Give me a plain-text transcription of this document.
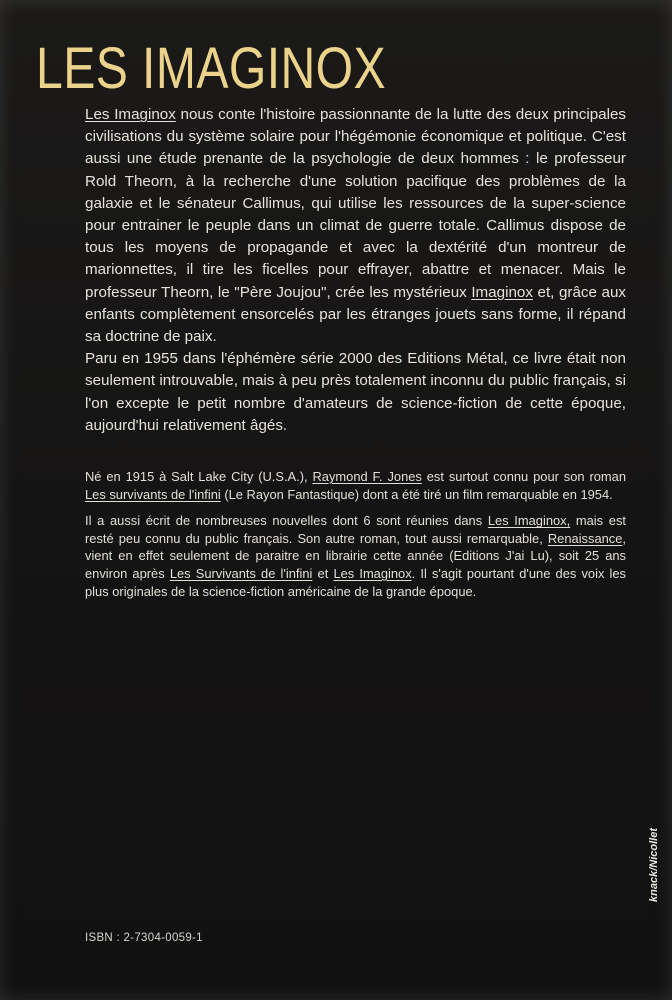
LES IMAGINOX

Les Imaginox nous conte l'histoire passionnante de la lutte des deux principales civilisations du système solaire pour l'hégémonie économique et politique. C'est aussi une étude prenante de la psychologie de deux hommes : le professeur Rold Theorn, à la recherche d'une solution pacifique des problèmes de la galaxie et le sénateur Callimus, qui utilise les ressources de la super-science pour entrainer le peuple dans un climat de guerre totale. Callimus dispose de tous les moyens de propagande et avec la dextérité d'un montreur de marionnettes, il tire les ficelles pour effrayer, abattre et menacer. Mais le professeur Theorn, le "Père Joujou", crée les mystérieux Imaginox et, grâce aux enfants complètement ensorcelés par les étranges jouets sans forme, il répand sa doctrine de paix.

Paru en 1955 dans l'éphémère série 2000 des Editions Métal, ce livre était non seulement introuvable, mais à peu près totalement inconnu du public français, si l'on excepte le petit nombre d'amateurs de science-fiction de cette époque, aujourd'hui relativement âgés.

Né en 1915 à Salt Lake City (U.S.A.), Raymond F. Jones est surtout connu pour son roman Les survivants de l'infini (Le Rayon Fantastique) dont a été tiré un film remarquable en 1954.

Il a aussi écrit de nombreuses nouvelles dont 6 sont réunies dans Les Imaginox, mais est resté peu connu du public français. Son autre roman, tout aussi remarquable, Renaissance, vient en effet seulement de paraitre en librairie cette année (Editions J'ai Lu), soit 25 ans environ après Les Survivants de l'infini et Les Imaginox. Il s'agit pourtant d'une des voix les plus originales de la science-fiction américaine de la grande époque.

ISBN : 2-7304-0059-1
knack/Nicollet
